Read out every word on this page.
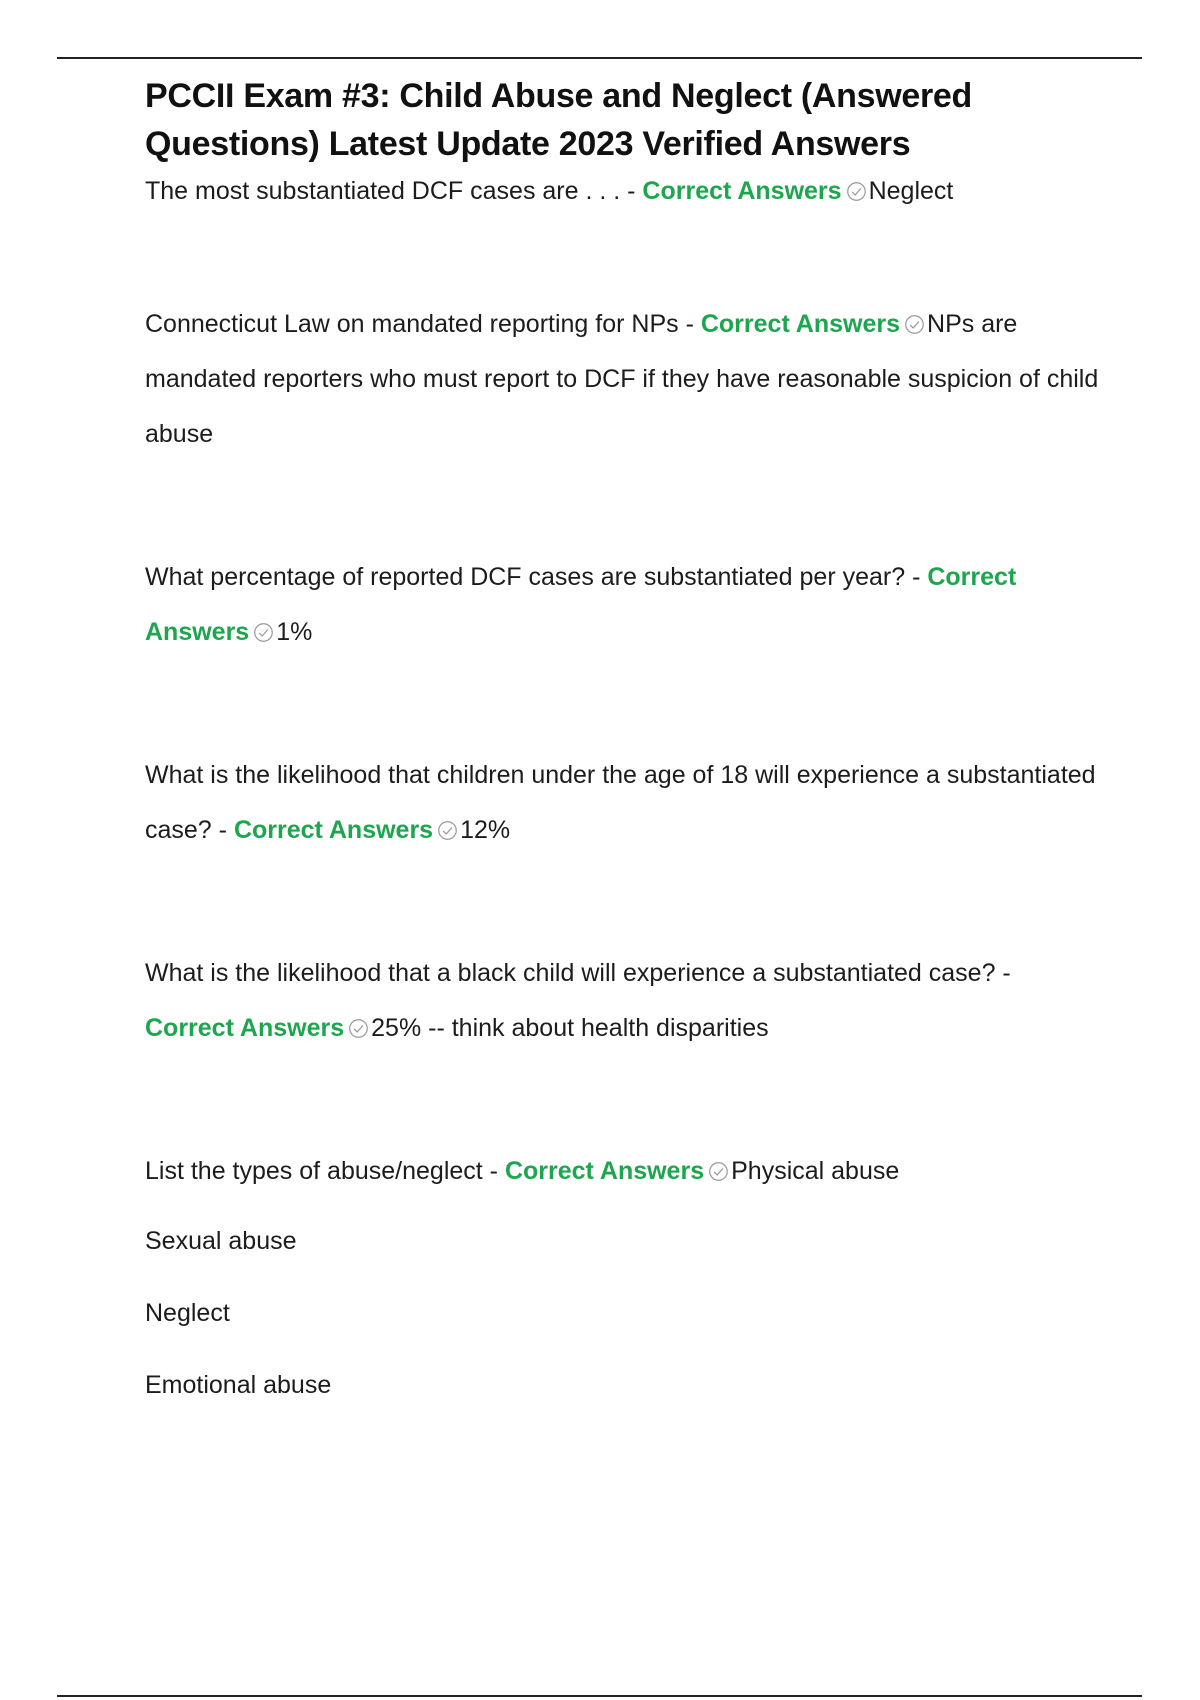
PCCII Exam #3: Child Abuse and Neglect (Answered Questions) Latest Update 2023 Verified Answers

The most substantiated DCF cases are . . . - Correct Answers Neglect

Connecticut Law on mandated reporting for NPs - Correct Answers NPs are mandated reporters who must report to DCF if they have reasonable suspicion of child abuse

What percentage of reported DCF cases are substantiated per year? - Correct Answers 1%

What is the likelihood that children under the age of 18 will experience a substantiated case? - Correct Answers 12%

What is the likelihood that a black child will experience a substantiated case? - Correct Answers 25% -- think about health disparities

List the types of abuse/neglect - Correct Answers Physical abuse

Sexual abuse

Neglect

Emotional abuse
